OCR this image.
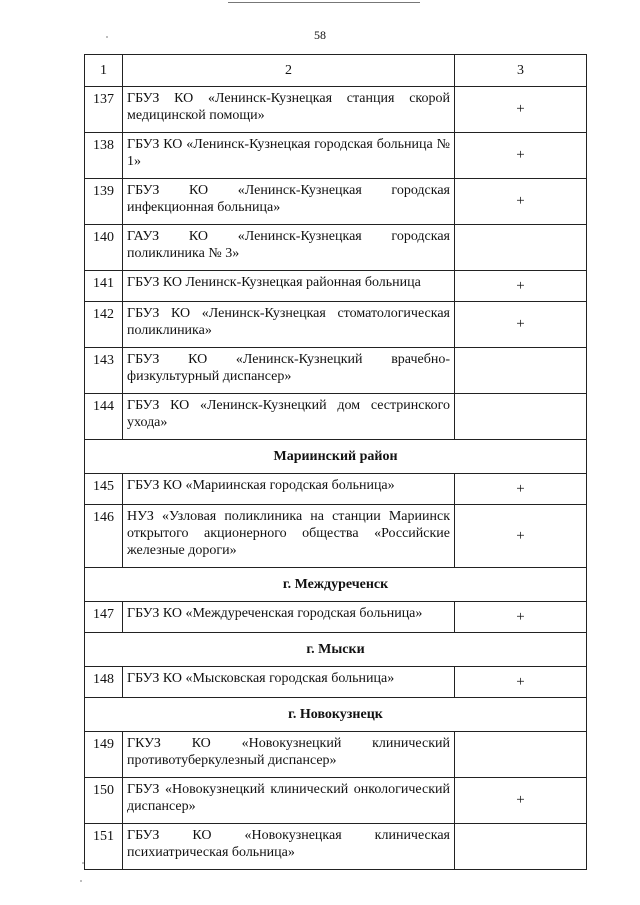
58
1	2	3
137	ГБУЗ КО «Ленинск-Кузнецкая станция скорой медицинской помощи»	+
138	ГБУЗ КО «Ленинск-Кузнецкая городская больница № 1»	+
139	ГБУЗ КО «Ленинск-Кузнецкая городская инфекционная больница»	+
140	ГАУЗ КО «Ленинск-Кузнецкая городская поликлиника № 3»	
141	ГБУЗ КО Ленинск-Кузнецкая районная больница	+
142	ГБУЗ КО «Ленинск-Кузнецкая стоматологическая поликлиника»	+
143	ГБУЗ КО «Ленинск-Кузнецкий врачебно-физкультурный диспансер»	
144	ГБУЗ КО «Ленинск-Кузнецкий дом сестринского ухода»	
Мариинский район		
145	ГБУЗ КО «Мариинская городская больница»	+
146	НУЗ «Узловая поликлиника на станции Мариинск открытого акционерного общества «Российские железные дороги»	+
г. Междуреченск		
147	ГБУЗ КО «Междуреченская городская больница»	+
г. Мыски		
148	ГБУЗ КО «Мысковская городская больница»	+
г. Новокузнецк		
149	ГКУЗ КО «Новокузнецкий клинический противотуберкулезный диспансер»	
150	ГБУЗ «Новокузнецкий клинический онкологический диспансер»	+
151	ГБУЗ КО «Новокузнецкая клиническая психиатрическая больница»	
